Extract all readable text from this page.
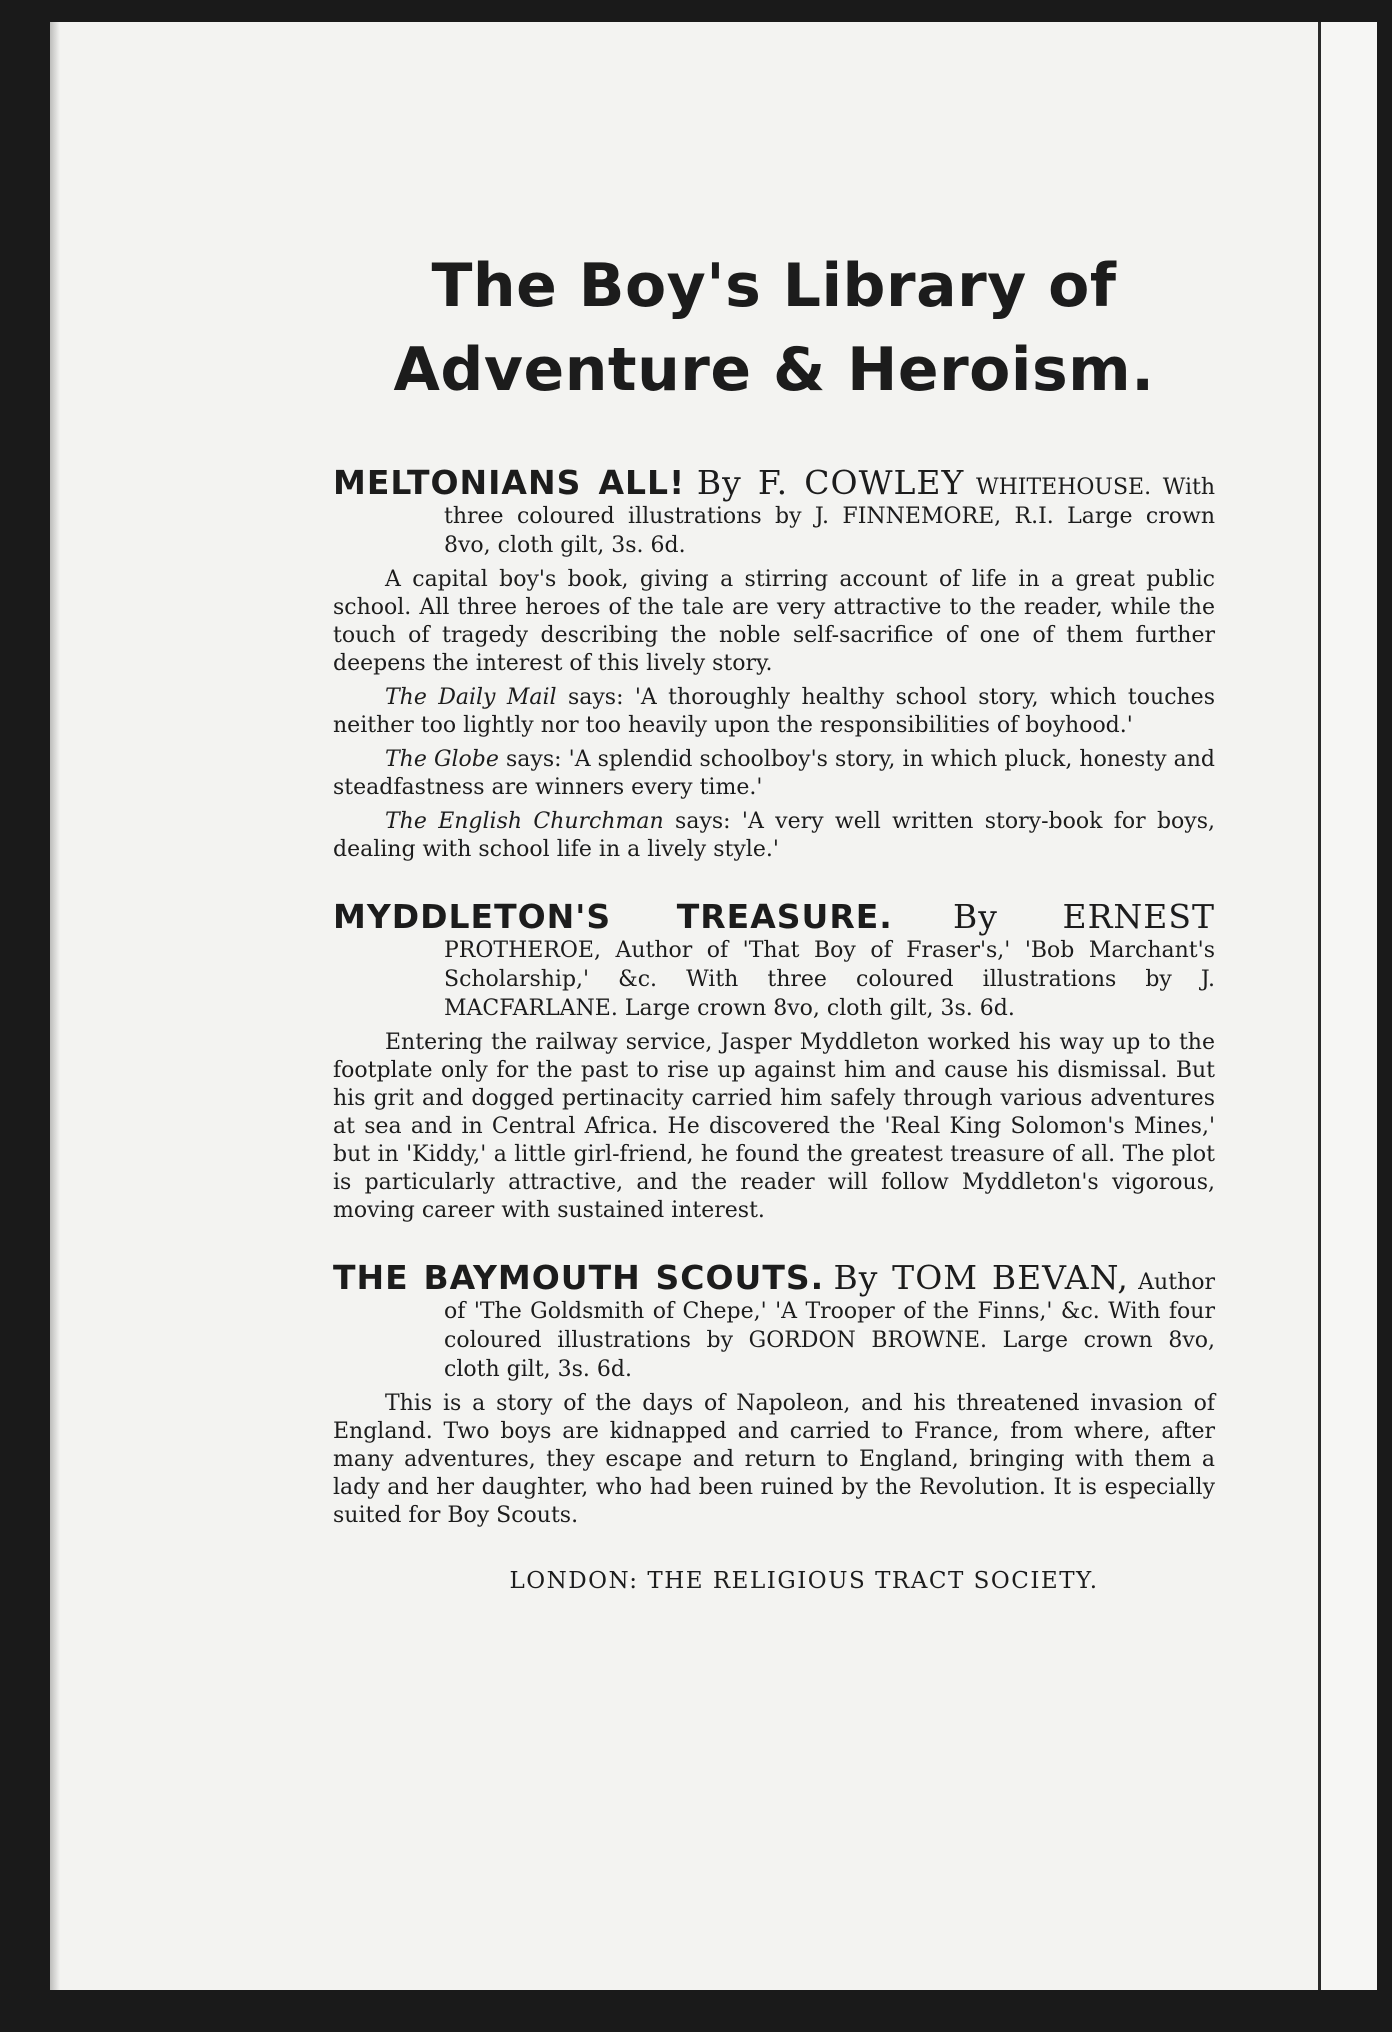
The Boy's Library of
Adventure & Heroism.
MELTONIANS ALL! By F. COWLEY WHITEHOUSE. With three coloured illustrations by J. FINNEMORE, R.I. Large crown 8vo, cloth gilt, 3s. 6d.

A capital boy's book, giving a stirring account of life in a great public school. All three heroes of the tale are very attractive to the reader, while the touch of tragedy describing the noble self-sacrifice of one of them further deepens the interest of this lively story.

The Daily Mail says: 'A thoroughly healthy school story, which touches neither too lightly nor too heavily upon the responsibilities of boyhood.'

The Globe says: 'A splendid schoolboy's story, in which pluck, honesty and steadfastness are winners every time.'

The English Churchman says: 'A very well written story-book for boys, dealing with school life in a lively style.'

MYDDLETON'S TREASURE. By ERNEST PROTHEROE, Author of 'That Boy of Fraser's,' 'Bob Marchant's Scholarship,' &c. With three coloured illustrations by J. MACFARLANE. Large crown 8vo, cloth gilt, 3s. 6d.

Entering the railway service, Jasper Myddleton worked his way up to the footplate only for the past to rise up against him and cause his dismissal. But his grit and dogged pertinacity carried him safely through various adventures at sea and in Central Africa. He discovered the 'Real King Solomon's Mines,' but in 'Kiddy,' a little girl-friend, he found the greatest treasure of all. The plot is particularly attractive, and the reader will follow Myddleton's vigorous, moving career with sustained interest.

THE BAYMOUTH SCOUTS. By TOM BEVAN, Author of 'The Goldsmith of Chepe,' 'A Trooper of the Finns,' &c. With four coloured illustrations by GORDON BROWNE. Large crown 8vo, cloth gilt, 3s. 6d.

This is a story of the days of Napoleon, and his threatened invasion of England. Two boys are kidnapped and carried to France, from where, after many adventures, they escape and return to England, bringing with them a lady and her daughter, who had been ruined by the Revolution. It is especially suited for Boy Scouts.

LONDON: THE RELIGIOUS TRACT SOCIETY.
